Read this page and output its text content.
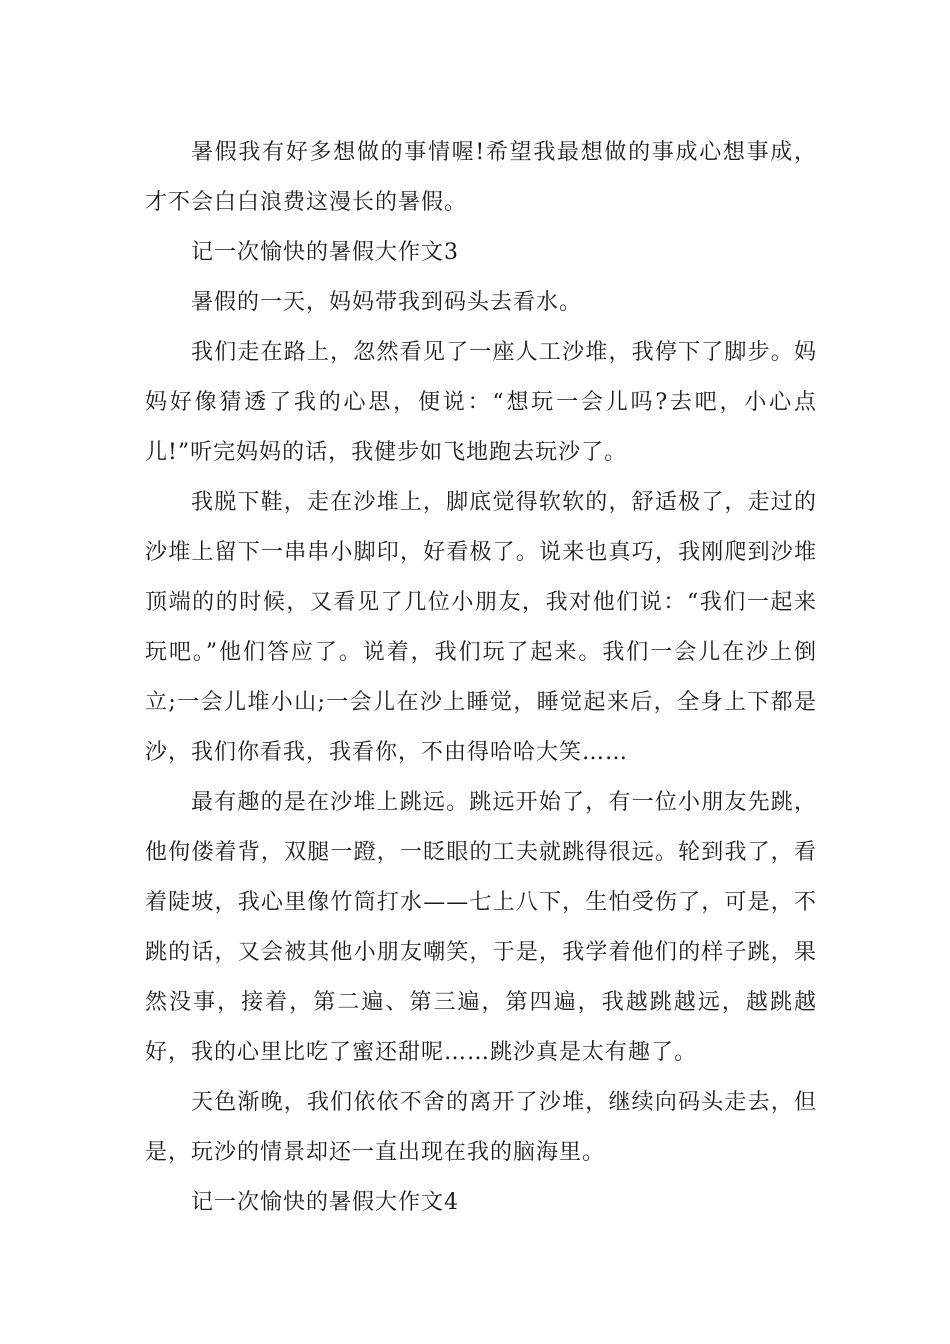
暑假我有好多想做的事情喔!希望我最想做的事成心想事成，才不会白白浪费这漫长的暑假。

记一次愉快的暑假大作文3

暑假的一天，妈妈带我到码头去看水。

我们走在路上，忽然看见了一座人工沙堆，我停下了脚步。妈妈好像猜透了我的心思，便说：“想玩一会儿吗?去吧，小心点儿!”听完妈妈的话，我健步如飞地跑去玩沙了。

我脱下鞋，走在沙堆上，脚底觉得软软的，舒适极了，走过的沙堆上留下一串串小脚印，好看极了。说来也真巧，我刚爬到沙堆顶端的的时候，又看见了几位小朋友，我对他们说：“我们一起来玩吧。”他们答应了。说着，我们玩了起来。我们一会儿在沙上倒立;一会儿堆小山;一会儿在沙上睡觉，睡觉起来后，全身上下都是沙，我们你看我，我看你，不由得哈哈大笑……

最有趣的是在沙堆上跳远。跳远开始了，有一位小朋友先跳，他佝偻着背，双腿一蹬，一眨眼的工夫就跳得很远。轮到我了，看着陡坡，我心里像竹筒打水——七上八下，生怕受伤了，可是，不跳的话，又会被其他小朋友嘲笑，于是，我学着他们的样子跳，果然没事，接着，第二遍、第三遍，第四遍，我越跳越远，越跳越好，我的心里比吃了蜜还甜呢……跳沙真是太有趣了。

天色渐晚，我们依依不舍的离开了沙堆，继续向码头走去，但是，玩沙的情景却还一直出现在我的脑海里。

记一次愉快的暑假大作文4
